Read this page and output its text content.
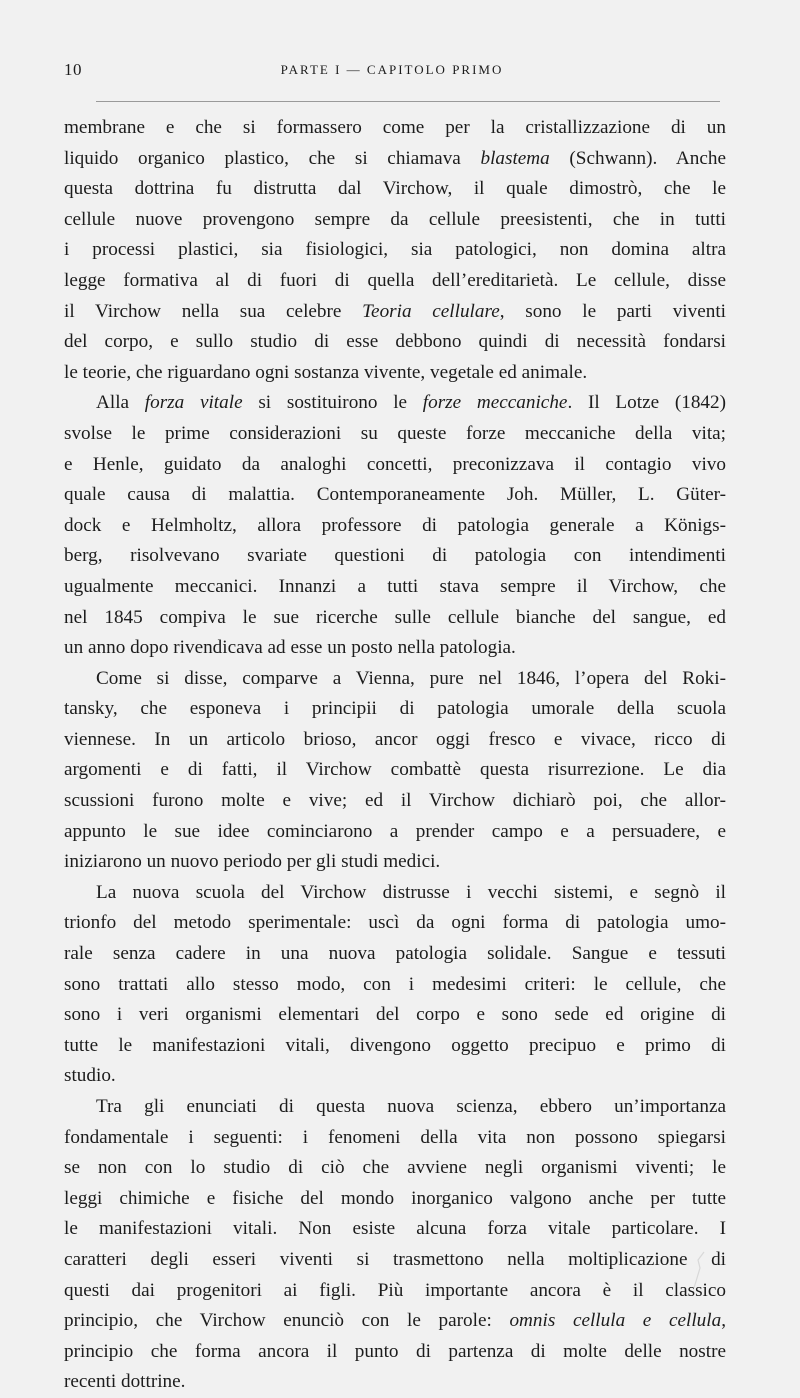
10	PARTE I — CAPITOLO PRIMO
membrane e che si formassero come per la cristallizzazione di un
liquido organico plastico, che si chiamava blastema (Schwann). Anche
questa dottrina fu distrutta dal Virchow, il quale dimostrò, che le
cellule nuove provengono sempre da cellule preesistenti, che in tutti
i processi plastici, sia fisiologici, sia patologici, non domina altra
legge formativa al di fuori di quella dell’ereditarietà. Le cellule, disse
il Virchow nella sua celebre Teoria cellulare, sono le parti viventi
del corpo, e sullo studio di esse debbono quindi di necessità fondarsi
le teorie, che riguardano ogni sostanza vivente, vegetale ed animale.
Alla forza vitale si sostituirono le forze meccaniche. Il Lotze (1842)
svolse le prime considerazioni su queste forze meccaniche della vita;
e Henle, guidato da analoghi concetti, preconizzava il contagio vivo
quale causa di malattia. Contemporaneamente Joh. Müller, L. Güter-
dock e Helmholtz, allora professore di patologia generale a Königs-
berg, risolvevano svariate questioni di patologia con intendimenti
ugualmente meccanici. Innanzi a tutti stava sempre il Virchow, che
nel 1845 compiva le sue ricerche sulle cellule bianche del sangue, ed
un anno dopo rivendicava ad esse un posto nella patologia.
Come si disse, comparve a Vienna, pure nel 1846, l’opera del Roki-
tansky, che esponeva i principii di patologia umorale della scuola
viennese. In un articolo brioso, ancor oggi fresco e vivace, ricco di
argomenti e di fatti, il Virchow combattè questa risurrezione. Le dia
scussioni furono molte e vive; ed il Virchow dichiarò poi, che allor-
appunto le sue idee cominciarono a prender campo e a persuadere, e
iniziarono un nuovo periodo per gli studi medici.
La nuova scuola del Virchow distrusse i vecchi sistemi, e segnò il
trionfo del metodo sperimentale: uscì da ogni forma di patologia umo-
rale senza cadere in una nuova patologia solidale. Sangue e tessuti
sono trattati allo stesso modo, con i medesimi criteri: le cellule, che
sono i veri organismi elementari del corpo e sono sede ed origine di
tutte le manifestazioni vitali, divengono oggetto precipuo e primo di
studio.
Tra gli enunciati di questa nuova scienza, ebbero un’importanza
fondamentale i seguenti: i fenomeni della vita non possono spiegarsi
se non con lo studio di ciò che avviene negli organismi viventi; le
leggi chimiche e fisiche del mondo inorganico valgono anche per tutte
le manifestazioni vitali. Non esiste alcuna forza vitale particolare. I
caratteri degli esseri viventi si trasmettono nella moltiplicazione di
questi dai progenitori ai figli. Più importante ancora è il classico
principio, che Virchow enunciò con le parole: omnis cellula e cellula,
principio che forma ancora il punto di partenza di molte delle nostre
recenti dottrine.
